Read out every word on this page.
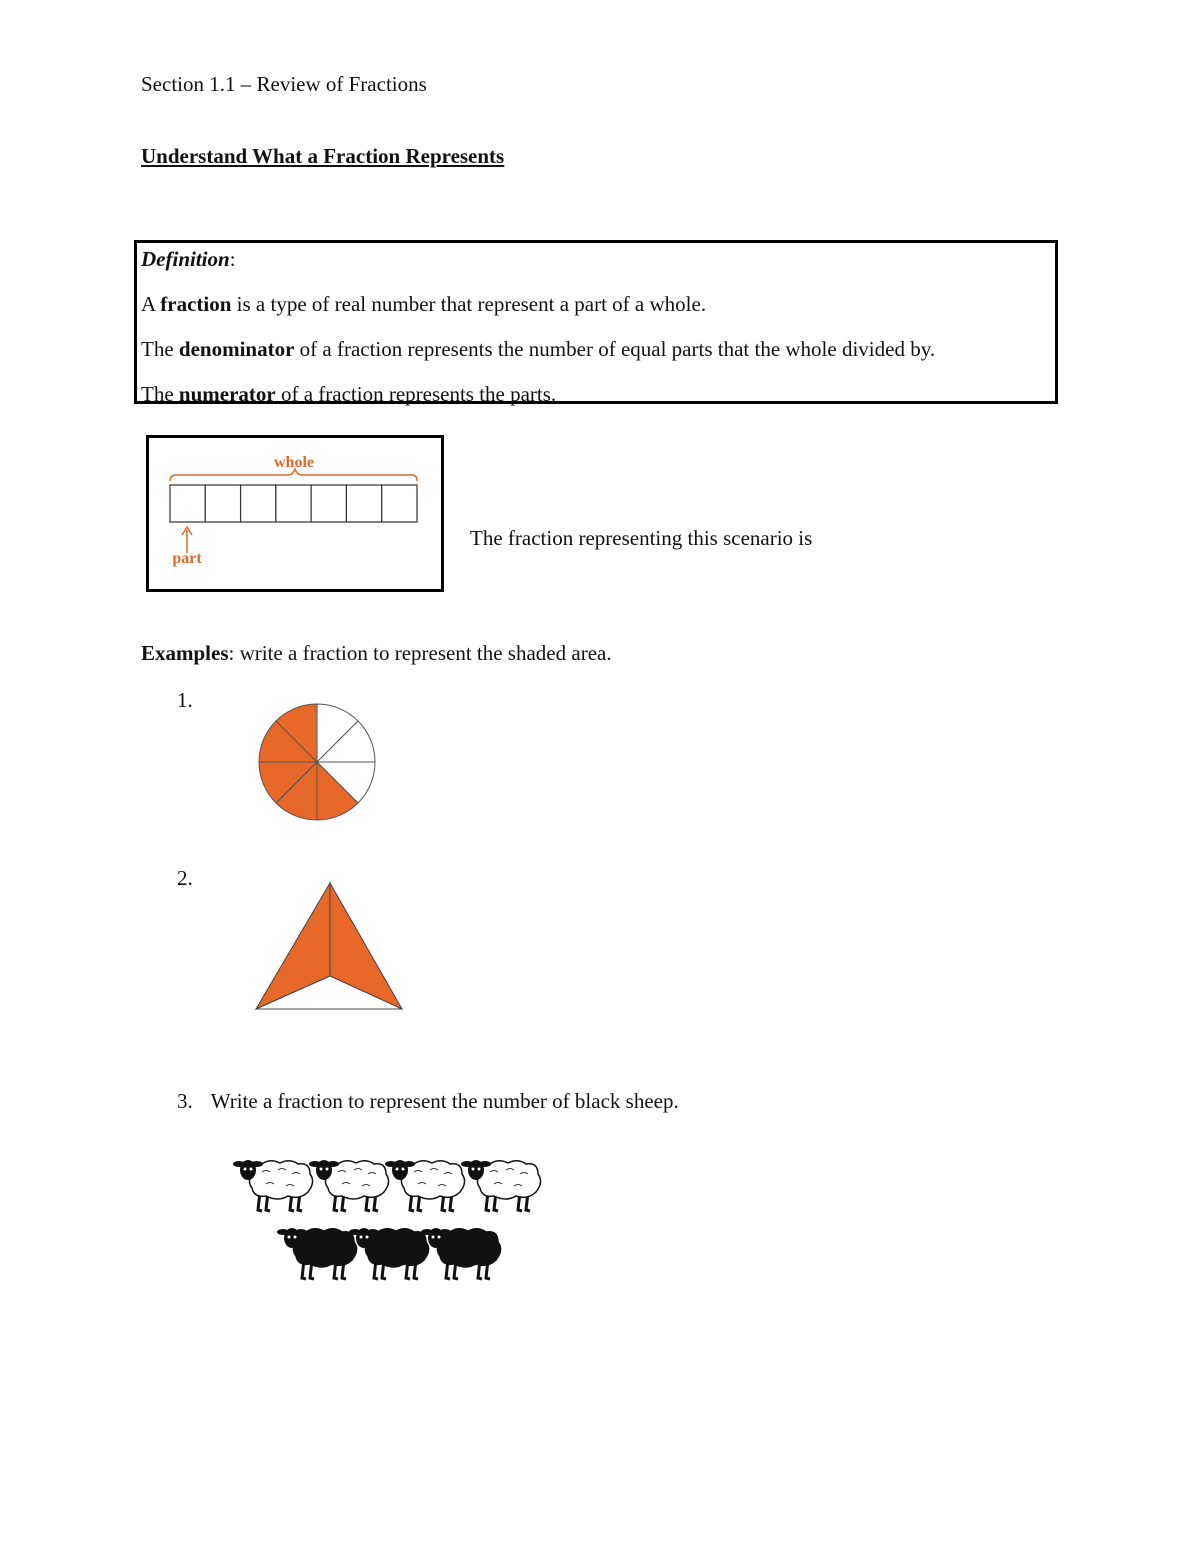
Section 1.1 – Review of Fractions
Understand What a Fraction Represents
Definition:
A fraction is a type of real number that represent a part of a whole.
The denominator of a fraction represents the number of equal parts that the whole divided by.
The numerator of a fraction represents the parts.
whole
part
The fraction representing this scenario is
Examples: write a fraction to represent the shaded area.
1.
2.
3. Write a fraction to represent the number of black sheep.
